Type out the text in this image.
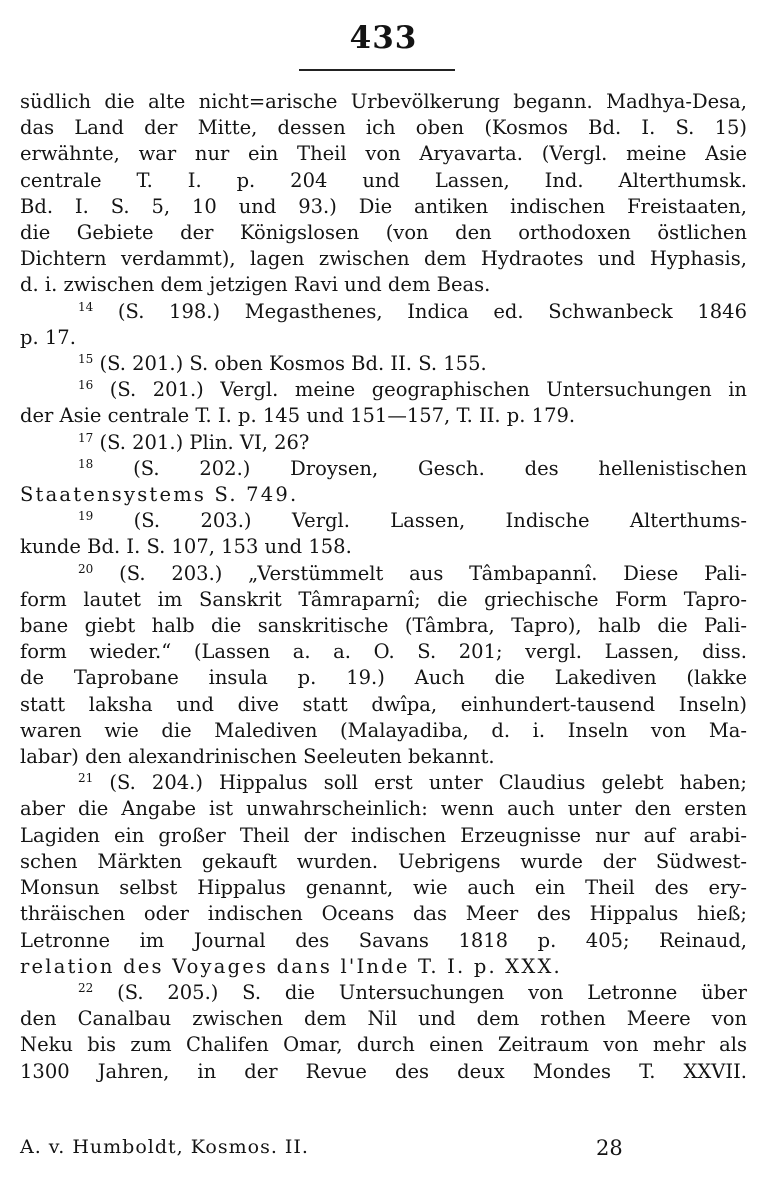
433
südlich die alte nicht=arische Urbevölkerung begann. Madhya-Desa,
das Land der Mitte, dessen ich oben (Kosmos Bd. I. S. 15)
erwähnte, war nur ein Theil von Aryavarta. (Vergl. meine Asie
centrale T. I. p. 204 und Lassen, Ind. Alterthumsk.
Bd. I. S. 5, 10 und 93.) Die antiken indischen Freistaaten,
die Gebiete der Königslosen (von den orthodoxen östlichen
Dichtern verdammt), lagen zwischen dem Hydraotes und Hyphasis,
d. i. zwischen dem jetzigen Ravi und dem Beas.
$^{14}$ (S. 198.) Megasthenes, Indica ed. Schwanbeck 1846
p. 17.
$^{15}$ (S. 201.) S. oben Kosmos Bd. II. S. 155.
$^{16}$ (S. 201.) Vergl. meine geographischen Untersuchungen in
der Asie centrale T. I. p. 145 und 151—157, T. II. p. 179.
$^{17}$ (S. 201.) Plin. VI, 26?
$^{18}$ (S. 202.) Droysen, Gesch. des hellenistischen
Staatensystems S. 749.
$^{19}$ (S. 203.) Vergl. Lassen, Indische Alterthums-
kunde Bd. I. S. 107, 153 und 158.
$^{20}$ (S. 203.) „Verstümmelt aus Tâmbapannî. Diese Pali-
form lautet im Sanskrit Tâmraparnî; die griechische Form Tapro-
bane giebt halb die sanskritische (Tâmbra, Tapro), halb die Pali-
form wieder.“ (Lassen a. a. O. S. 201; vergl. Lassen, diss.
de Taprobane insula p. 19.) Auch die Lakediven (lakke
statt laksha und dive statt dwîpa, einhundert-tausend Inseln)
waren wie die Malediven (Malayadiba, d. i. Inseln von Ma-
labar) den alexandrinischen Seeleuten bekannt.
$^{21}$ (S. 204.) Hippalus soll erst unter Claudius gelebt haben;
aber die Angabe ist unwahrscheinlich: wenn auch unter den ersten
Lagiden ein großer Theil der indischen Erzeugnisse nur auf arabi-
schen Märkten gekauft wurden. Uebrigens wurde der Südwest-
Monsun selbst Hippalus genannt, wie auch ein Theil des ery-
thräischen oder indischen Oceans das Meer des Hippalus hieß;
Letronne im Journal des Savans 1818 p. 405; Reinaud,
relation des Voyages dans l'Inde T. I. p. XXX.
$^{22}$ (S. 205.) S. die Untersuchungen von Letronne über
den Canalbau zwischen dem Nil und dem rothen Meere von
Neku bis zum Chalifen Omar, durch einen Zeitraum von mehr als
1300 Jahren, in der Revue des deux Mondes T. XXVII.
A. v. Humboldt, Kosmos. II.	28
